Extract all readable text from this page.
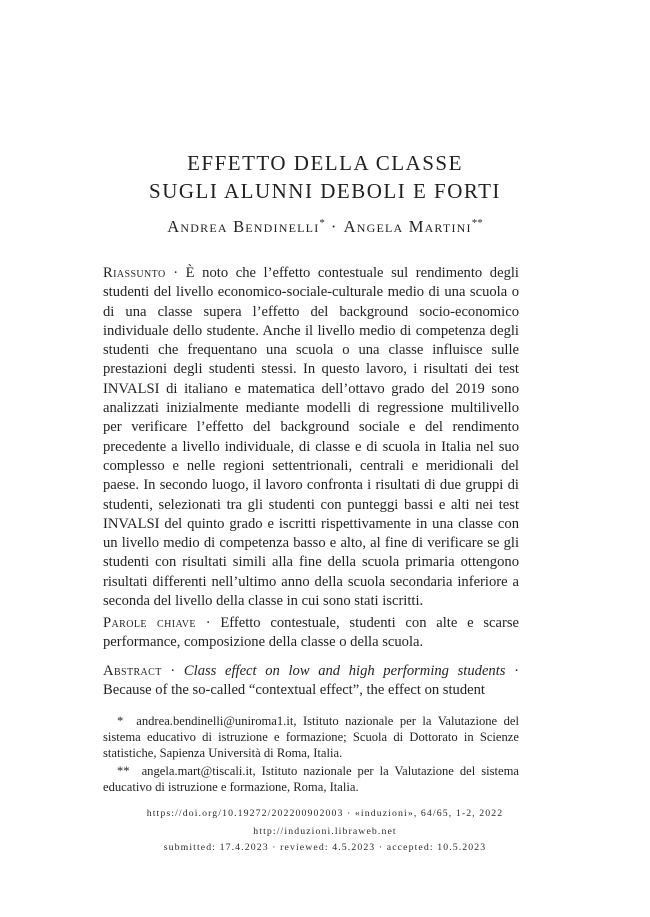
EFFETTO DELLA CLASSE
SUGLI ALUNNI DEBOLI E FORTI
Andrea Bendinelli* · Angela Martini**
Riassunto · È noto che l’effetto contestuale sul rendimento degli studenti del livello economico-sociale-culturale medio di una scuola o di una classe supera l’effetto del background socio-economico individuale dello studente. Anche il livello medio di competenza degli studenti che frequentano una scuola o una classe influisce sulle prestazioni degli studenti stessi. In questo lavoro, i risultati dei test INVALSI di italiano e matematica dell’ottavo grado del 2019 sono analizzati inizialmente mediante modelli di regressione multilivello per verificare l’effetto del background sociale e del rendimento precedente a livello individuale, di classe e di scuola in Italia nel suo complesso e nelle regioni settentrionali, centrali e meridionali del paese. In secondo luogo, il lavoro confronta i risultati di due gruppi di studenti, selezionati tra gli studenti con punteggi bassi e alti nei test INVALSI del quinto grado e iscritti rispettivamente in una classe con un livello medio di competenza basso e alto, al fine di verificare se gli studenti con risultati simili alla fine della scuola primaria ottengono risultati differenti nell’ultimo anno della scuola secondaria inferiore a seconda del livello della classe in cui sono stati iscritti.
Parole chiave · Effetto contestuale, studenti con alte e scarse performance, composizione della classe o della scuola.
Abstract · Class effect on low and high performing students · Because of the so-called “contextual effect”, the effect on student

* andrea.bendinelli@uniroma1.it, Istituto nazionale per la Valutazione del sistema educativo di istruzione e formazione; Scuola di Dottorato in Scienze statistiche, Sapienza Università di Roma, Italia.

** angela.mart@tiscali.it, Istituto nazionale per la Valutazione del sistema educativo di istruzione e formazione, Roma, Italia.

https://doi.org/10.19272/202200902003 · «induzioni», 64/65, 1-2, 2022
http://induzioni.libraweb.net
submitted: 17.4.2023 · reviewed: 4.5.2023 · accepted: 10.5.2023
